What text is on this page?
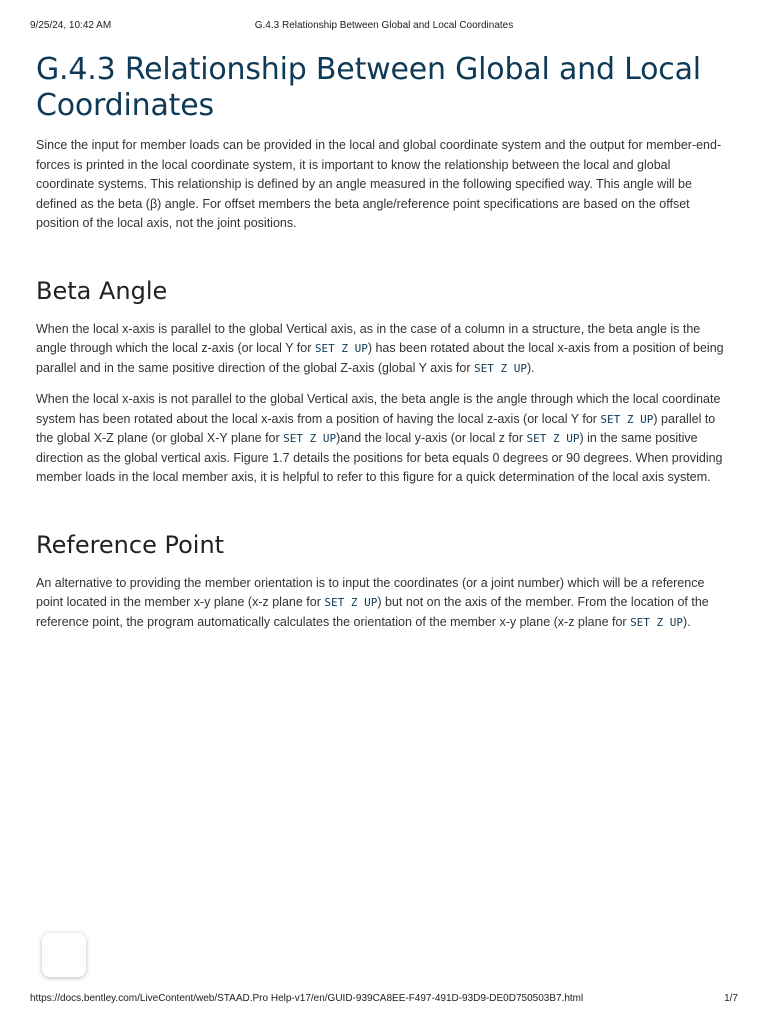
9/25/24, 10:42 AM	G.4.3 Relationship Between Global and Local Coordinates
G.4.3 Relationship Between Global and Local Coordinates

Since the input for member loads can be provided in the local and global coordinate system and the output for member-end-forces is printed in the local coordinate system, it is important to know the relationship between the local and global coordinate systems. This relationship is defined by an angle measured in the following specified way. This angle will be defined as the beta (β) angle. For offset members the beta angle/reference point specifications are based on the offset position of the local axis, not the joint positions.

Beta Angle

When the local x-axis is parallel to the global Vertical axis, as in the case of a column in a structure, the beta angle is the angle through which the local z-axis (or local Y for SET Z UP) has been rotated about the local x-axis from a position of being parallel and in the same positive direction of the global Z-axis (global Y axis for SET Z UP).

When the local x-axis is not parallel to the global Vertical axis, the beta angle is the angle through which the local coordinate system has been rotated about the local x-axis from a position of having the local z-axis (or local Y for SET Z UP) parallel to the global X-Z plane (or global X-Y plane for SET Z UP)and the local y-axis (or local z for SET Z UP) in the same positive direction as the global vertical axis. Figure 1.7 details the positions for beta equals 0 degrees or 90 degrees. When providing member loads in the local member axis, it is helpful to refer to this figure for a quick determination of the local axis system.

Reference Point

An alternative to providing the member orientation is to input the coordinates (or a joint number) which will be a reference point located in the member x-y plane (x-z plane for SET Z UP) but not on the axis of the member. From the location of the reference point, the program automatically calculates the orientation of the member x-y plane (x-z plane for SET Z UP).

https://docs.bentley.com/LiveContent/web/STAAD.Pro Help-v17/en/GUID-939CA8EE-F497-491D-93D9-DE0D750503B7.html	1/7
